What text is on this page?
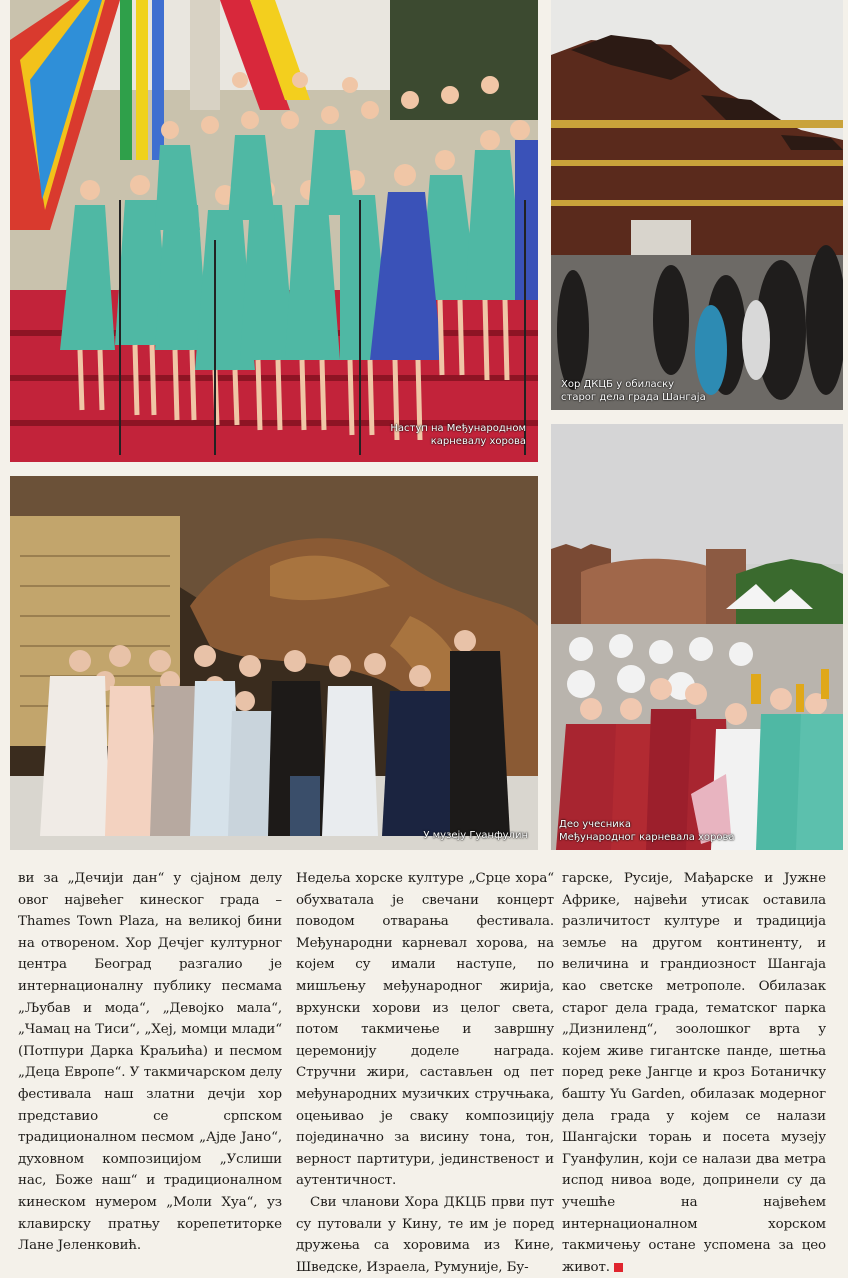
Наступ на Међународном
карневалу хорова
Хор ДКЦБ у обиласку
старог дела града Шангаја
У музеју Гуанфулин
Део учесника
Међународног карневала хорова

ви за „Дечији дан“ у сјајном делу овог највећег кинеског града – Thames Town Plaza, на великој бини на отвореном. Хор Дечјег културног центра Београд разгалио је интернационалну публику песмама „Љубав и мода“, „Девојко мала“, „Чамац на Тиси“, „Хеј, момци млади“ (Потпури Дарка Краљића) и песмом „Деца Европе“. У такмичарском делу фестивала наш златни дечји хор представио се српском традиционалном песмом „Ајде Јано“, духовном композицијом „Услиши нас, Боже наш“ и традиционалном кинеском нумером „Моли Хуа“, уз клавирску пратњу корепетиторке Лане Јеленковић.

Недеља хорске културе „Срце хора“ обухватала је свечани концерт поводом отварања фестивала. Међународни карневал хорова, на којем су имали наступе, по мишљењу међународног жирија, врхунски хорови из целог света, потом такмичење и завршну церемонију доделе награда. Стручни жири, састављен од пет међународних музичких стручњака, оцењивао је сваку композицију појединачно за висину тона, тон, верност партитури, јединственост и аутентичност.

Сви чланови Хора ДКЦБ први пут су путовали у Кину, те им је поред дружења са хоровима из Кине, Шведске, Израела, Румуније, Бу-

гарске, Русије, Мађарске и Јужне Африке, највећи утисак оставила различитост културе и традиција земље на другом континенту, и величина и грандиозност Шангаја као светске метрополе. Обилазак старог дела града, тематског парка „Дизниленд“, зоолошког врта у којем живе гигантске панде, шетња поред реке Јангце и кроз Ботаничку башту Yu Garden, обилазак модерног дела града у којем се налази Шангајски торањ и посета музеју Гуанфулин, који се налази два метра испод нивоа воде, допринели су да учешће на највећем интернационалном хорском такмичењу остане успомена за цео живот.
